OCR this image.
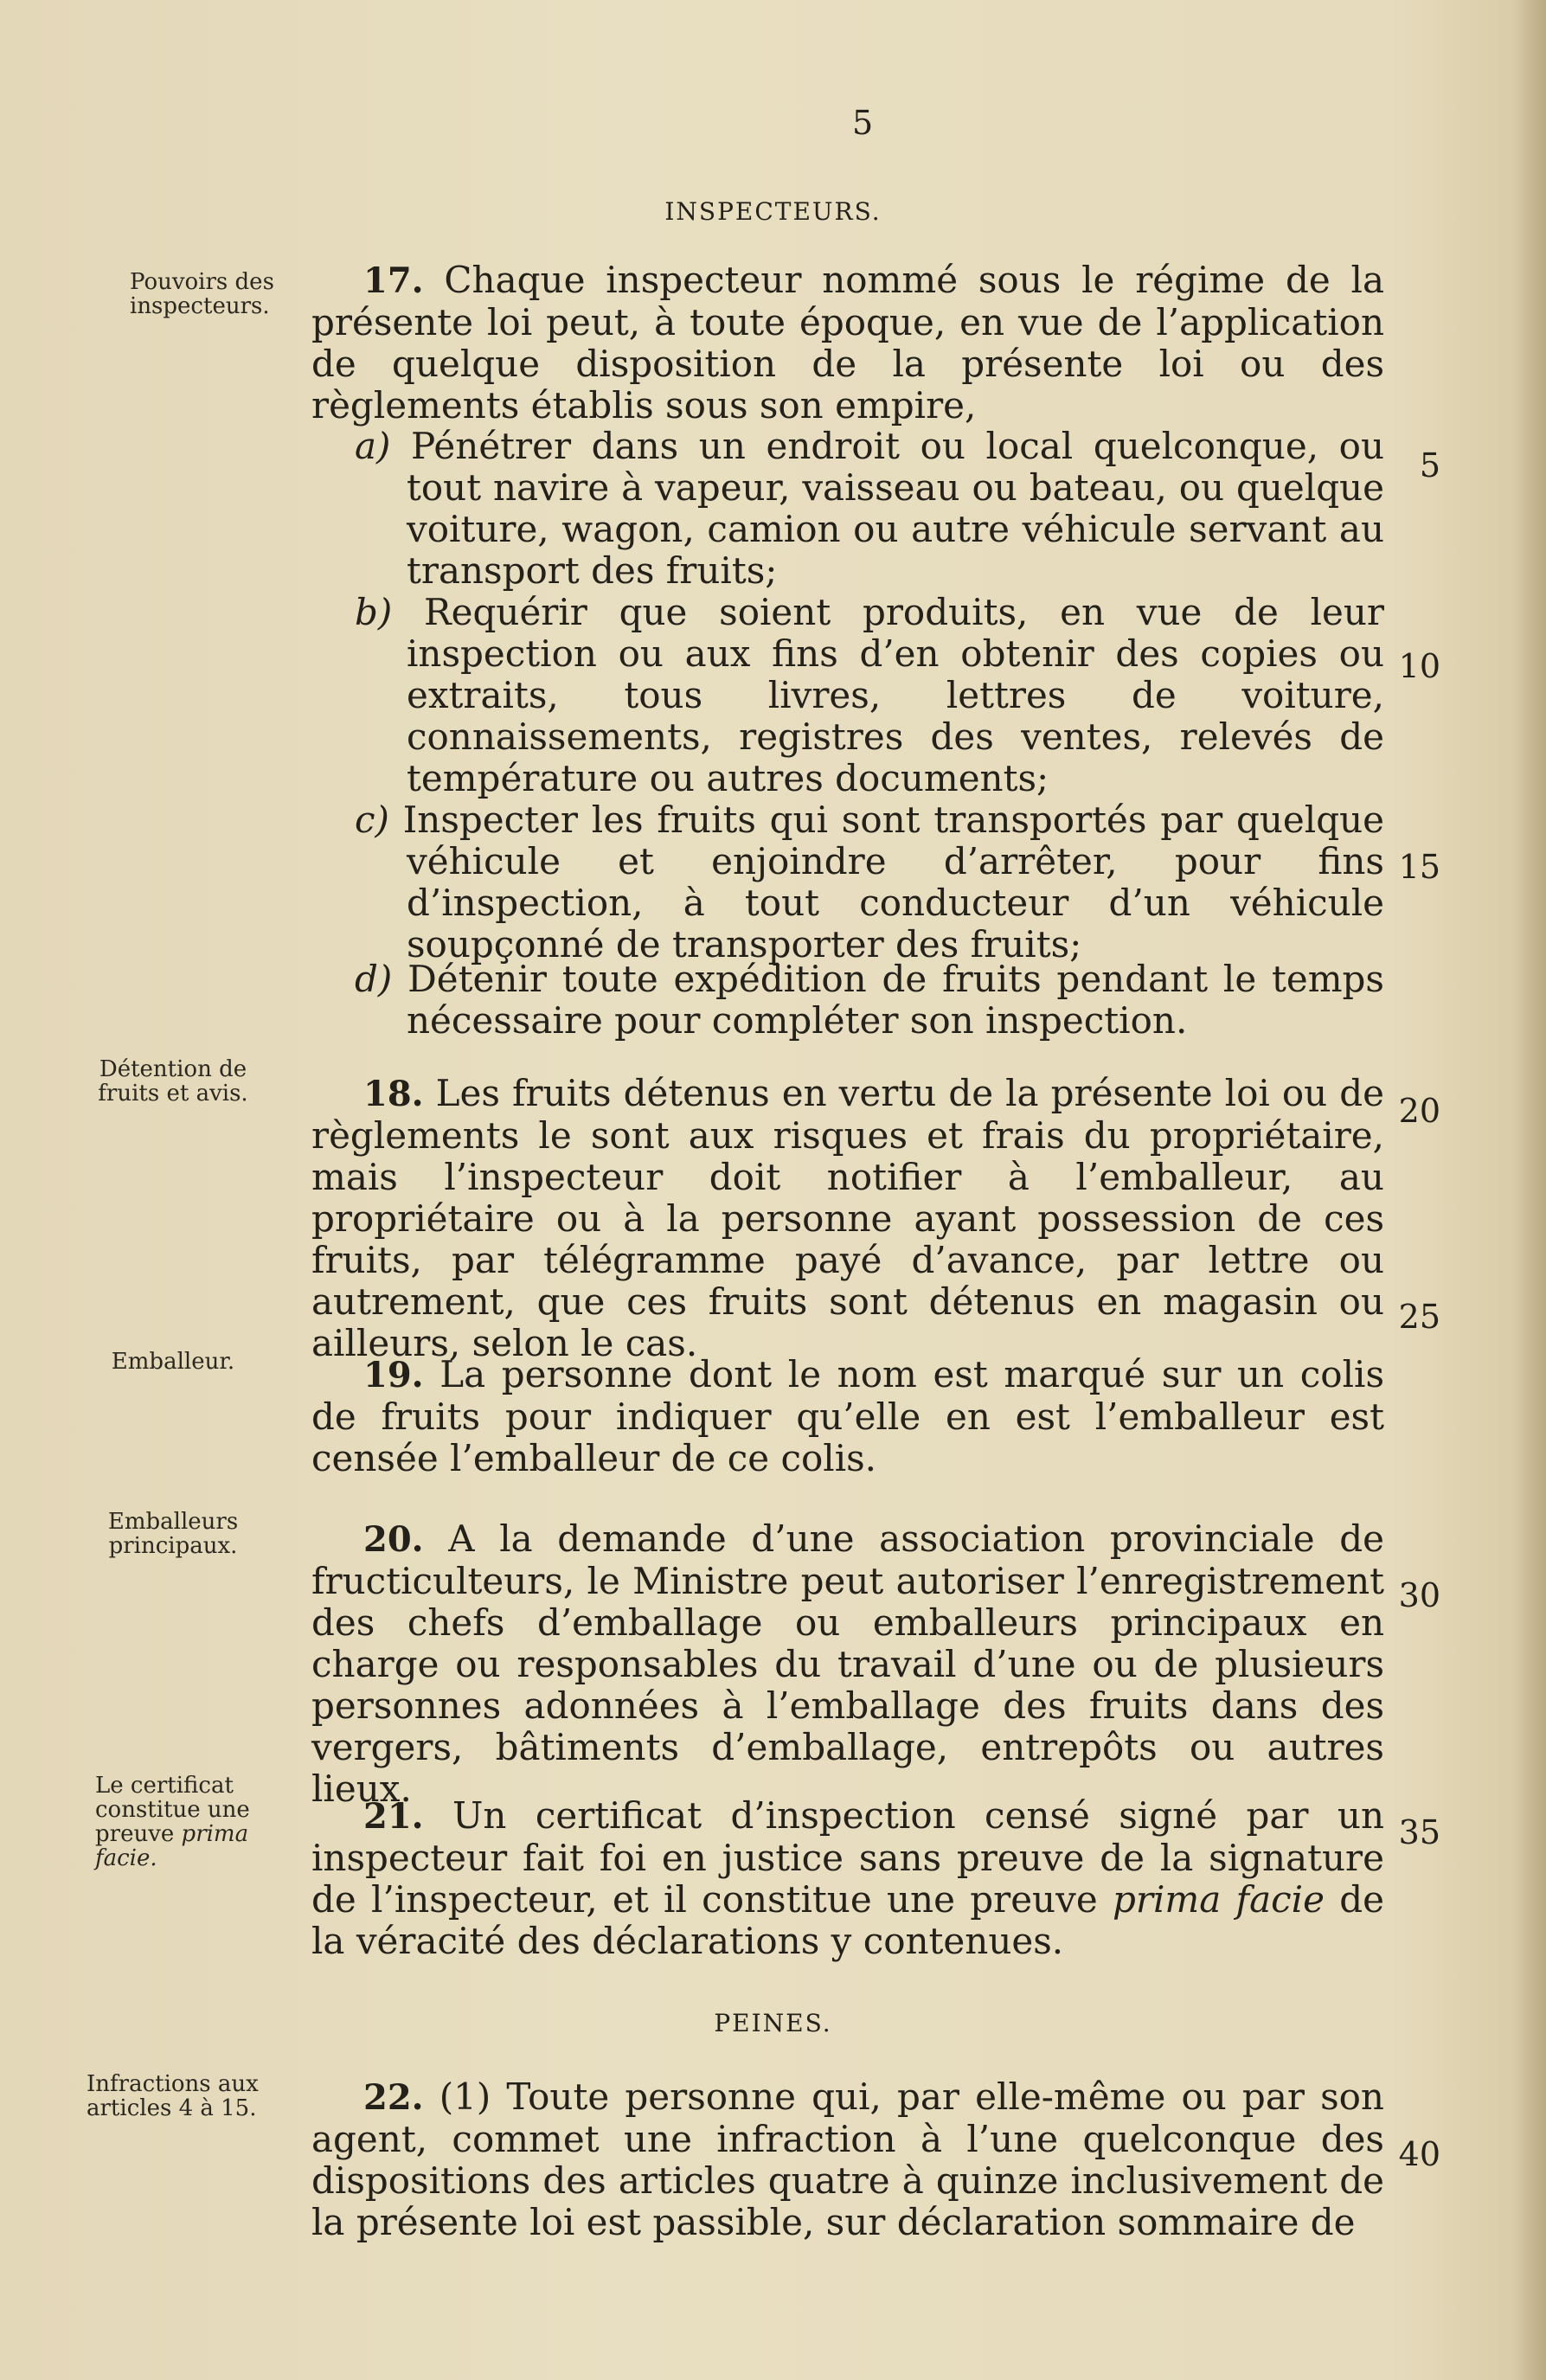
5

INSPECTEURS.
Pouvoirs des inspecteurs.

17. Chaque inspecteur nommé sous le régime de la présente loi peut, à toute époque, en vue de l’application de quelque disposition de la présente loi ou des règlements établis sous son empire,

a) Pénétrer dans un endroit ou local quelconque, ou tout navire à vapeur, vaisseau ou bateau, ou quelque voiture, wagon, camion ou autre véhicule servant au transport des fruits;
5
b) Requérir que soient produits, en vue de leur inspection ou aux fins d’en obtenir des copies ou extraits, tous livres, lettres de voiture, connaissements, registres des ventes, relevés de température ou autres documents;
10
c) Inspecter les fruits qui sont transportés par quelque véhicule et enjoindre d’arrêter, pour fins d’inspection, à tout conducteur d’un véhicule soupçonné de transporter des fruits;
15
d) Détenir toute expédition de fruits pendant le temps nécessaire pour compléter son inspection.
Détention de fruits et avis.	18. Les fruits détenus en vertu de la présente loi ou de règlements le sont aux risques et frais du propriétaire, mais l’inspecteur doit notifier à l’emballeur, au propriétaire ou à la personne ayant possession de ces fruits, par télégramme payé d’avance, par lettre ou autrement, que ces fruits sont détenus en magasin ou ailleurs, selon le cas.

20
25
Emballeur.	19. La personne dont le nom est marqué sur un colis de fruits pour indiquer qu’elle en est l’emballeur est censée l’emballeur de ce colis.

Emballeurs principaux.	20. A la demande d’une association provinciale de fructiculteurs, le Ministre peut autoriser l’enregistrement des chefs d’emballage ou emballeurs principaux en charge ou responsables du travail d’une ou de plusieurs personnes adonnées à l’emballage des fruits dans des vergers, bâtiments d’emballage, entrepôts ou autres lieux.

30
Le certificat constitue une preuve prima facie.

21. Un certificat d’inspection censé signé par un inspecteur fait foi en justice sans preuve de la signature de l’inspecteur, et il constitue une preuve prima facie de la véracité des déclarations y contenues.

35
PEINES.
Infractions aux articles 4 à 15.	22. (1) Toute personne qui, par elle-même ou par son agent, commet une infraction à l’une quelconque des dispositions des articles quatre à quinze inclusivement de la présente loi est passible, sur déclaration sommaire de

40
